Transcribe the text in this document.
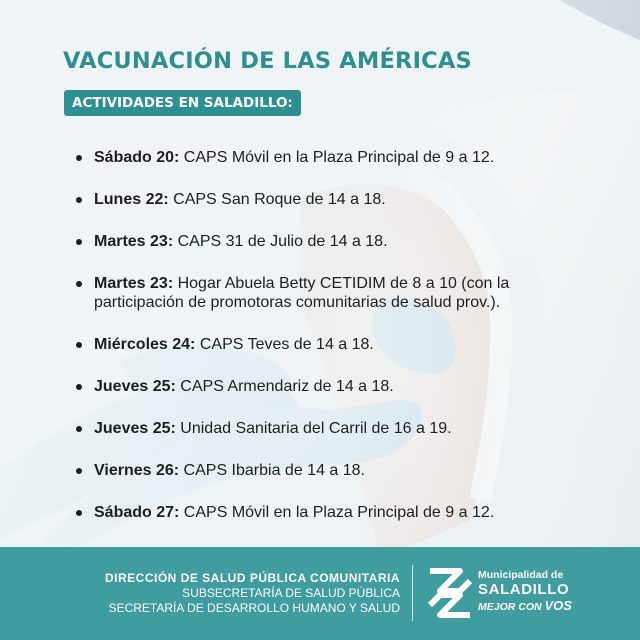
VACUNACIÓN DE LAS AMÉRICAS
ACTIVIDADES EN SALADILLO:
Sábado 20: CAPS Móvil en la Plaza Principal de 9 a 12.
Lunes 22: CAPS San Roque de 14 a 18.
Martes 23: CAPS 31 de Julio de 14 a 18.
Martes 23: Hogar Abuela Betty CETIDIM de 8 a 10 (con la participación de promotoras comunitarias de salud prov.).
Miércoles 24: CAPS Teves de 14 a 18.
Jueves 25: CAPS Armendariz de 14 a 18.
Jueves 25: Unidad Sanitaria del Carril de 16 a 19.
Viernes 26: CAPS Ibarbia de 14 a 18.
Sábado 27: CAPS Móvil en la Plaza Principal de 9 a 12.
DIRECCIÓN DE SALUD PÚBLICA COMUNITARIA
SUBSECRETARÍA DE SALUD PÚBLICA
SECRETARÍA DE DESARROLLO HUMANO Y SALUD
Municipalidad de
SALADILLO
MEJOR CON VOS
